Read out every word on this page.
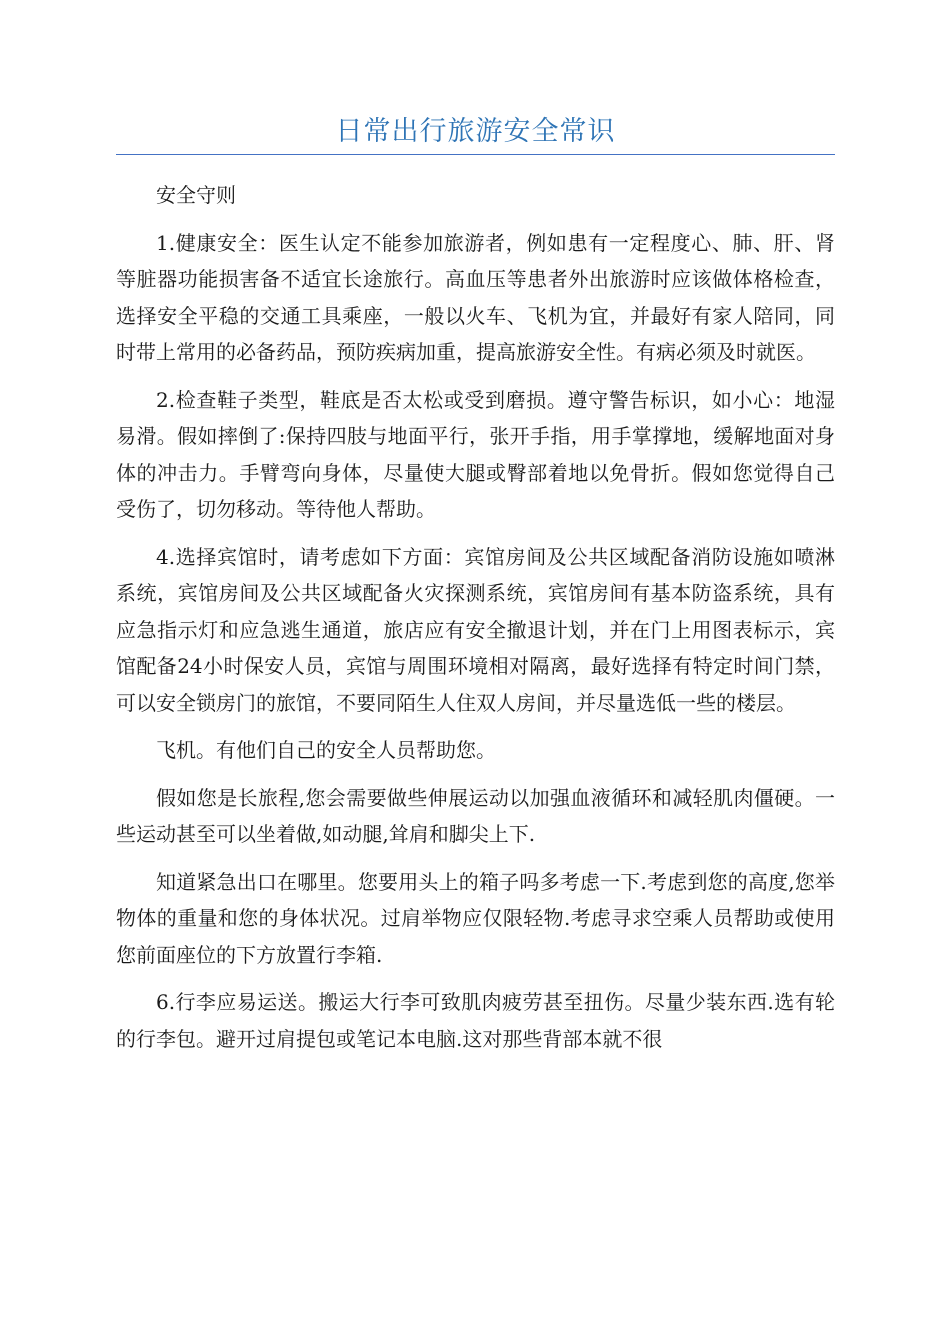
日常出行旅游安全常识

安全守则

1.健康安全：医生认定不能参加旅游者，例如患有一定程度心、肺、肝、肾等脏器功能损害备不适宜长途旅行。高血压等患者外出旅游时应该做体格检查，选择安全平稳的交通工具乘座，一般以火车、飞机为宜，并最好有家人陪同，同时带上常用的必备药品，预防疾病加重，提高旅游安全性。有病必须及时就医。

2.检查鞋子类型，鞋底是否太松或受到磨损。遵守警告标识，如小心：地湿易滑。假如摔倒了:保持四肢与地面平行，张开手指，用手掌撑地，缓解地面对身体的冲击力。手臂弯向身体，尽量使大腿或臀部着地以免骨折。假如您觉得自己受伤了，切勿移动。等待他人帮助。

4.选择宾馆时，请考虑如下方面：宾馆房间及公共区域配备消防设施如喷淋系统，宾馆房间及公共区域配备火灾探测系统，宾馆房间有基本防盗系统，具有应急指示灯和应急逃生通道，旅店应有安全撤退计划，并在门上用图表标示，宾馆配备24小时保安人员，宾馆与周围环境相对隔离，最好选择有特定时间门禁，可以安全锁房门的旅馆，不要同陌生人住双人房间，并尽量选低一些的楼层。

飞机。有他们自己的安全人员帮助您。

假如您是长旅程,您会需要做些伸展运动以加强血液循环和减轻肌肉僵硬。一些运动甚至可以坐着做,如动腿,耸肩和脚尖上下.

知道紧急出口在哪里。您要用头上的箱子吗多考虑一下.考虑到您的高度,您举物体的重量和您的身体状况。过肩举物应仅限轻物.考虑寻求空乘人员帮助或使用您前面座位的下方放置行李箱.

6.行李应易运送。搬运大行李可致肌肉疲劳甚至扭伤。尽量少装东西.选有轮的行李包。避开过肩提包或笔记本电脑.这对那些背部本就不很
